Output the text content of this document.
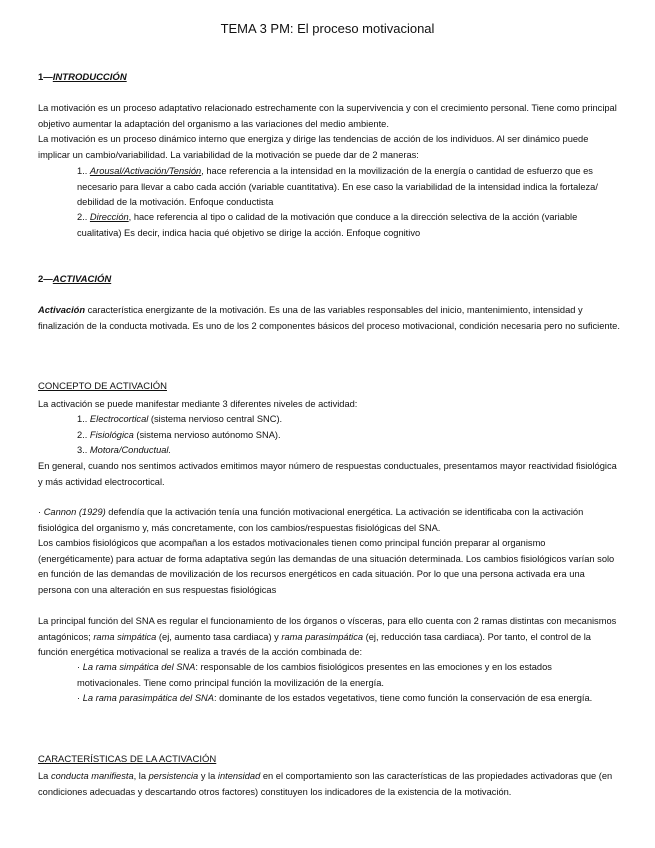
TEMA 3 PM: El proceso motivacional
1—INTRODUCCIÓN
La motivación es un proceso adaptativo relacionado estrechamente con la supervivencia y con el crecimiento personal. Tiene como principal objetivo aumentar la adaptación del organismo a las variaciones del medio ambiente.
La motivación es un proceso dinámico interno que energiza y dirige las tendencias de acción de los individuos. Al ser dinámico puede implicar un cambio/variabilidad. La variabilidad de la motivación se puede dar de 2 maneras:
1.. Arousal/Activación/Tensión, hace referencia a la intensidad en la movilización de la energía o cantidad de esfuerzo que es necesario para llevar a cabo cada acción (variable cuantitativa). En ese caso la variabilidad de la intensidad indica la fortaleza/ debilidad de la motivación. Enfoque conductista
2.. Dirección, hace referencia al tipo o calidad de la motivación que conduce a la dirección selectiva de la acción (variable cualitativa) Es decir, indica hacia qué objetivo se dirige la acción. Enfoque cognitivo
2—ACTIVACIÓN
Activación característica energizante de la motivación. Es una de las variables responsables del inicio, mantenimiento, intensidad y finalización de la conducta motivada. Es uno de los 2 componentes básicos del proceso motivacional, condición necesaria pero no suficiente.
CONCEPTO DE ACTIVACIÓN
La activación se puede manifestar mediante 3 diferentes niveles de actividad:
1.. Electrocortical (sistema nervioso central SNC).
2.. Fisiológica (sistema nervioso autónomo SNA).
3.. Motora/Conductual.
En general, cuando nos sentimos activados emitimos mayor número de respuestas conductuales, presentamos mayor reactividad fisiológica y más actividad electrocortical.
· Cannon (1929) defendía que la activación tenía una función motivacional energética. La activación se identificaba con la activación fisiológica del organismo y, más concretamente, con los cambios/respuestas fisiológicas del SNA.
Los cambios fisiológicos que acompañan a los estados motivacionales tienen como principal función preparar al organismo (energéticamente) para actuar de forma adaptativa según las demandas de una situación determinada. Los cambios fisiológicos varían solo en función de las demandas de movilización de los recursos energéticos en cada situación. Por lo que una persona activada era una persona con una alteración en sus respuestas fisiológicas
La principal función del SNA es regular el funcionamiento de los órganos o vísceras, para ello cuenta con 2 ramas distintas con mecanismos antagónicos; rama simpática (ej, aumento tasa cardiaca) y rama parasimpática (ej, reducción tasa cardiaca). Por tanto, el control de la función energética motivacional se realiza a través de la acción combinada de:
· La rama simpática del SNA: responsable de los cambios fisiológicos presentes en las emociones y en los estados motivacionales. Tiene como principal función la movilización de la energía.
· La rama parasimpática del SNA: dominante de los estados vegetativos, tiene como función la conservación de esa energía.
CARACTERÍSTICAS DE LA ACTIVACIÓN
La conducta manifiesta, la persistencia y la intensidad en el comportamiento son las características de las propiedades activadoras que (en condiciones adecuadas y descartando otros factores) constituyen los indicadores de la existencia de la motivación.
